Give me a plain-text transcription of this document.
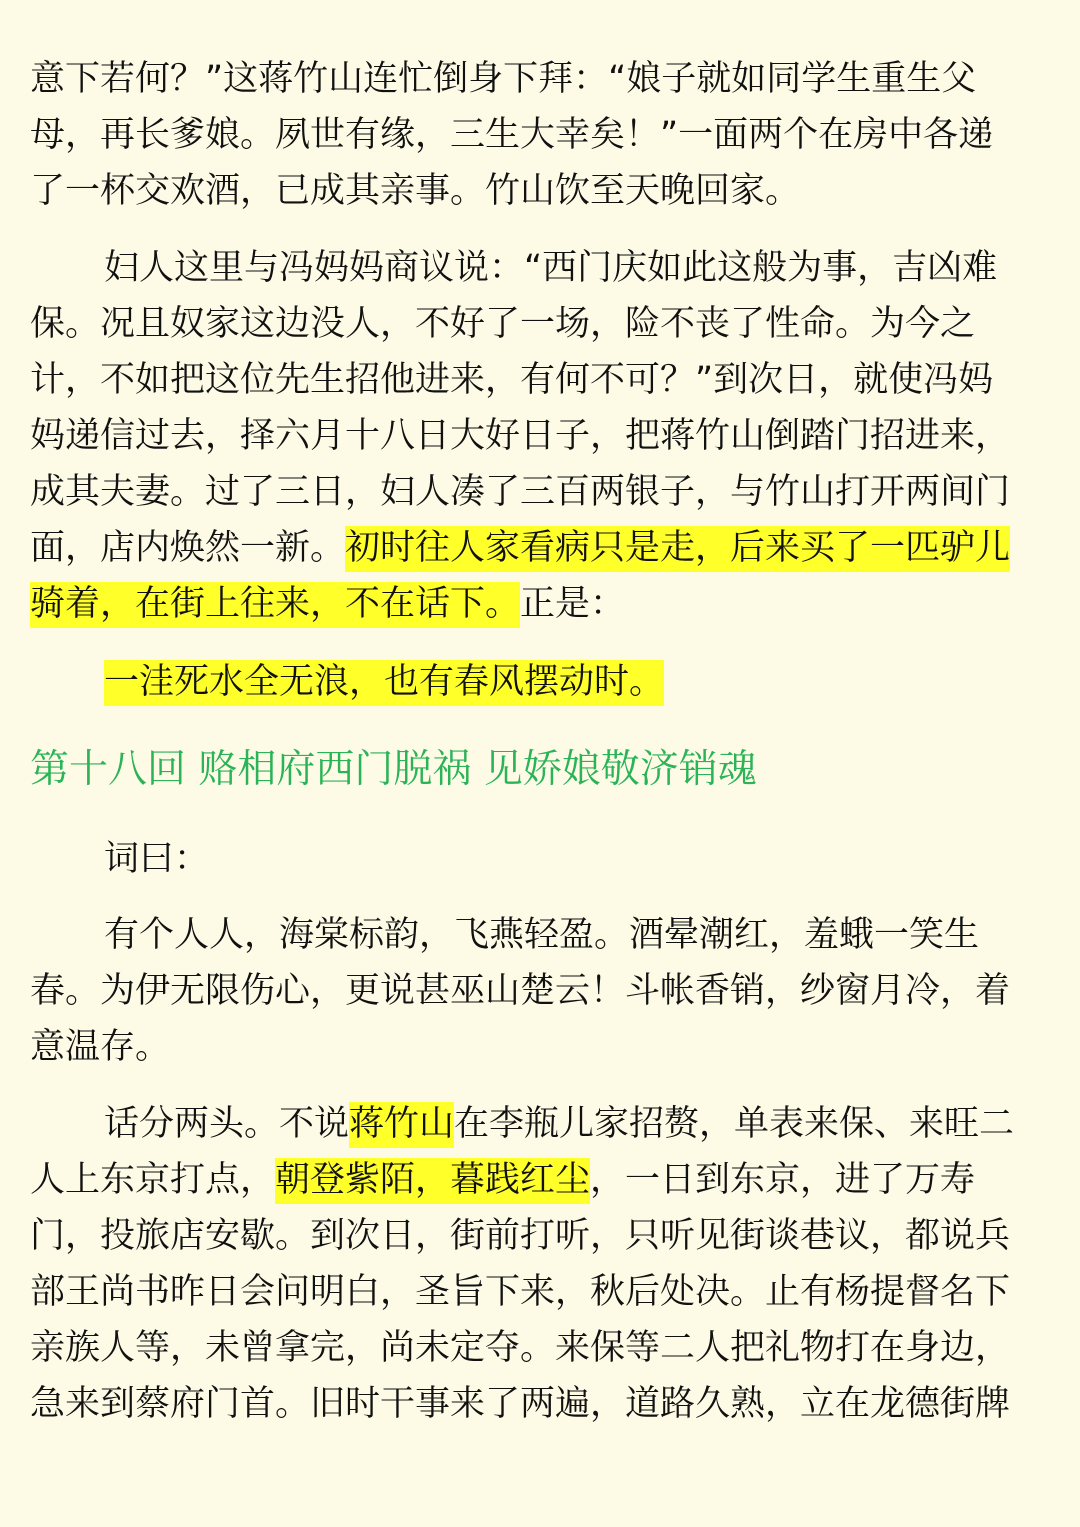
意下若何？”这蒋竹山连忙倒身下拜：“娘子就如同学生重生父
母，再长爹娘。夙世有缘，三生大幸矣！”一面两个在房中各递
了一杯交欢酒，已成其亲事。竹山饮至天晚回家。
妇人这里与冯妈妈商议说：“西门庆如此这般为事，吉凶难
保。况且奴家这边没人，不好了一场，险不丧了性命。为今之
计，不如把这位先生招他进来，有何不可？”到次日，就使冯妈
妈递信过去，择六月十八日大好日子，把蒋竹山倒踏门招进来，
成其夫妻。过了三日，妇人凑了三百两银子，与竹山打开两间门
面，店内焕然一新。初时往人家看病只是走，后来买了一匹驴儿
骑着，在街上往来，不在话下。正是：
一洼死水全无浪，也有春风摆动时。
第十八回 赂相府西门脱祸 见娇娘敬济销魂
词曰：
有个人人，海棠标韵，飞燕轻盈。酒晕潮红，羞蛾一笑生
春。为伊无限伤心，更说甚巫山楚云！斗帐香销，纱窗月冷，着
意温存。
话分两头。不说蒋竹山在李瓶儿家招赘，单表来保、来旺二
人上东京打点，朝登紫陌，暮践红尘，一日到东京，进了万寿
门，投旅店安歇。到次日，街前打听，只听见街谈巷议，都说兵
部王尚书昨日会问明白，圣旨下来，秋后处决。止有杨提督名下
亲族人等，未曾拿完，尚未定夺。来保等二人把礼物打在身边，
急来到蔡府门首。旧时干事来了两遍，道路久熟，立在龙德街牌
